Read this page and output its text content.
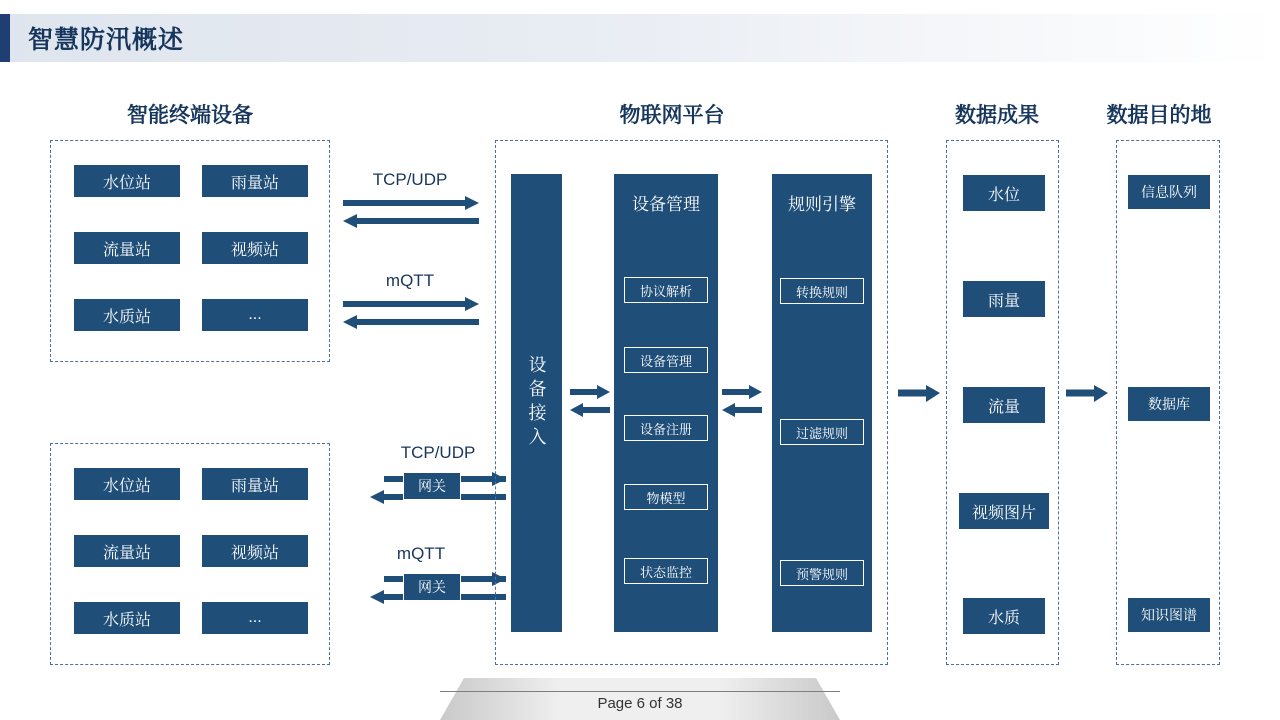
智慧防汛概述
智能终端设备	物联网平台	数据成果	数据目的地
水位站	雨量站
流量站	视频站
水质站	...
水位站	雨量站
流量站	视频站
水质站	...
TCP/UDP
mQTT
TCP/UDP
网关
mQTT
网关
设备接入
设备管理
协议解析
设备管理
设备注册
物模型
状态监控
规则引擎
转换规则
过滤规则
预警规则
水位
雨量
流量
视频图片
水质
信息队列
数据库
知识图谱
Page 6 of 38
